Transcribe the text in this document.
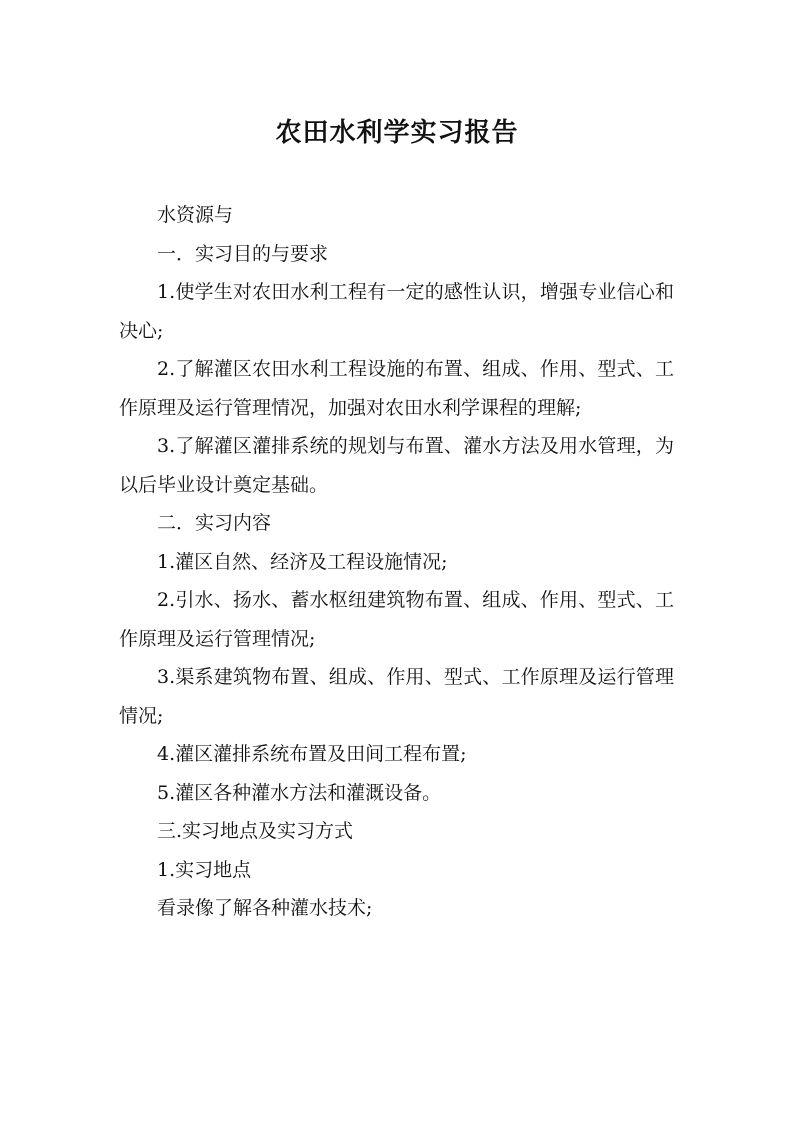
农田水利学实习报告

水资源与

一．实习目的与要求

1.使学生对农田水利工程有一定的感性认识，增强专业信心和决心;

2.了解灌区农田水利工程设施的布置、组成、作用、型式、工作原理及运行管理情况，加强对农田水利学课程的理解;

3.了解灌区灌排系统的规划与布置、灌水方法及用水管理，为以后毕业设计奠定基础。

二．实习内容

1.灌区自然、经济及工程设施情况;

2.引水、扬水、蓄水枢纽建筑物布置、组成、作用、型式、工作原理及运行管理情况;

3.渠系建筑物布置、组成、作用、型式、工作原理及运行管理情况;

4.灌区灌排系统布置及田间工程布置;

5.灌区各种灌水方法和灌溉设备。

三.实习地点及实习方式

1.实习地点

看录像了解各种灌水技术;
